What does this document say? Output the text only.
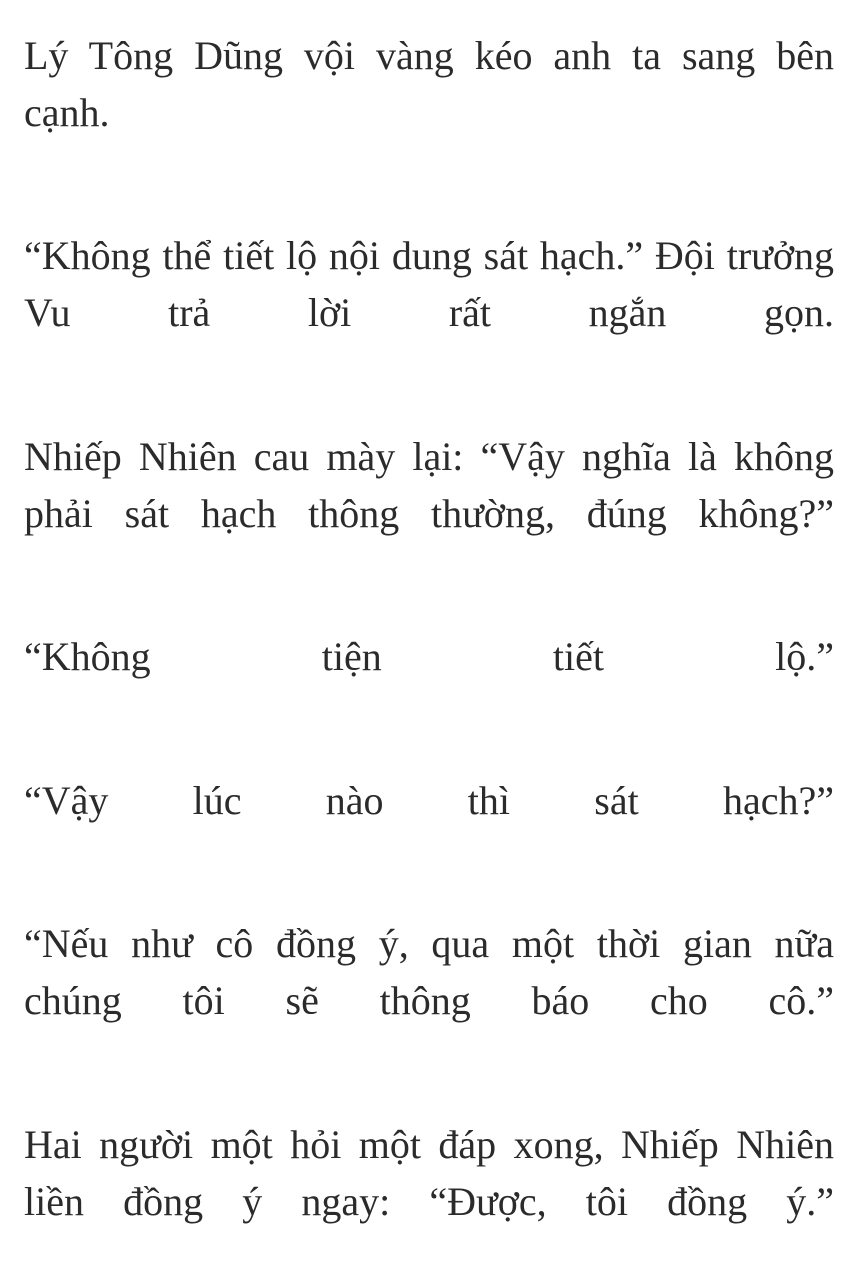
Lý Tông Dũng vội vàng kéo anh ta sang bên cạnh.

“Không thể tiết lộ nội dung sát hạch.” Đội trưởng Vu trả lời rất ngắn gọn.

Nhiếp Nhiên cau mày lại: “Vậy nghĩa là không phải sát hạch thông thường, đúng không?”

“Không tiện tiết lộ.”

“Vậy lúc nào thì sát hạch?”

“Nếu như cô đồng ý, qua một thời gian nữa chúng tôi sẽ thông báo cho cô.”

Hai người một hỏi một đáp xong, Nhiếp Nhiên liền đồng ý ngay: “Được, tôi đồng ý.”
